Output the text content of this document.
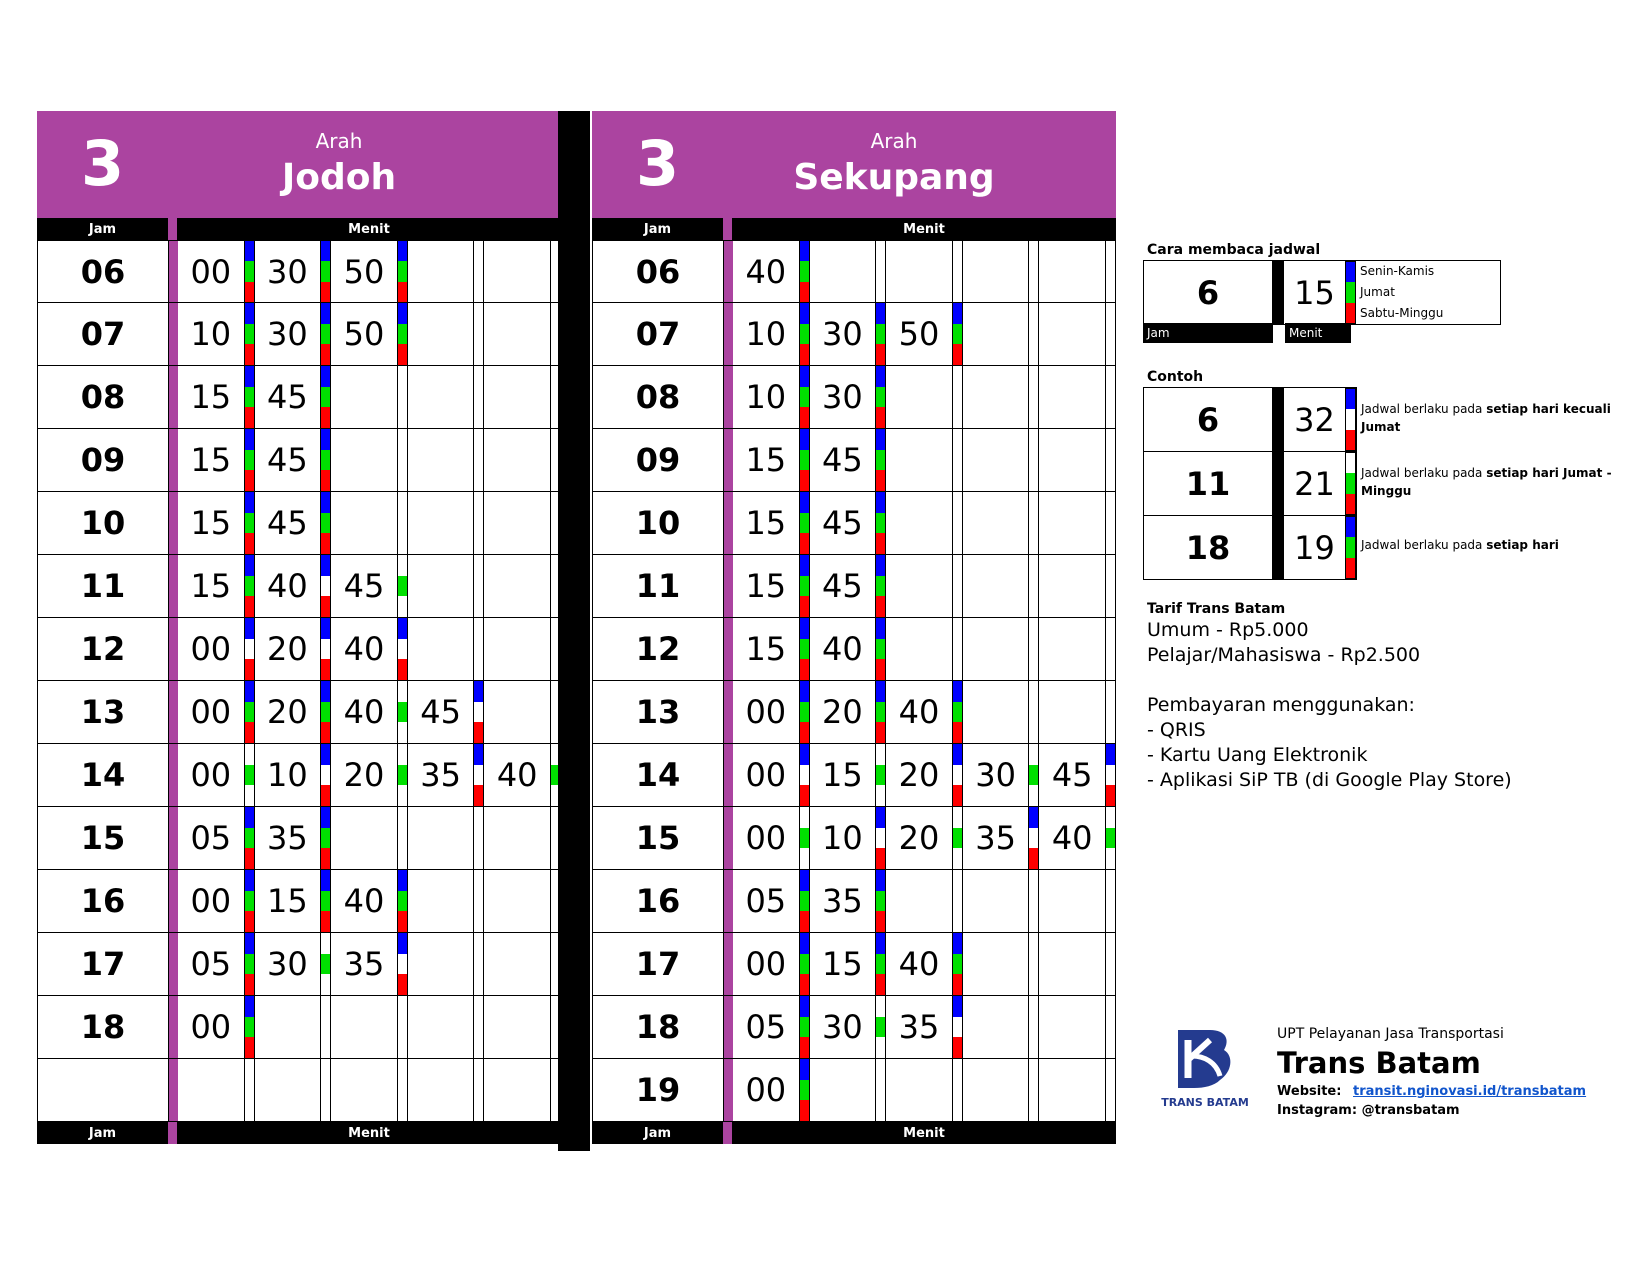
3	Arah
Jodoh
Jam	Menit
06	00	30	50
07	10	30	50
08	15	45
09	15	45
10	15	45
11	15	40	45
12	00	20	40
13	00	20	40	45
14	00	10	20	35	40
15	05	35
16	00	15	40
17	05	30	35
18	00
Jam	Menit
3	Arah
Sekupang
Jam	Menit
06	40
07	10	30	50
08	10	30
09	15	45
10	15	45
11	15	45
12	15	40
13	00	20	40
14	00	15	20	30	45
15	00	10	20	35	40
16	05	35
17	00	15	40
18	05	30	35
19	00
Jam	Menit
Cara membaca jadwal
6	15
Senin-Kamis
Jumat
Sabtu-Minggu
Jam	Menit
Contoh
6	32	Jadwal berlaku pada setiap hari kecuali Jumat
11	21	Jadwal berlaku pada setiap hari Jumat - Minggu
18	19	Jadwal berlaku pada setiap hari
Tarif Trans Batam
Umum - Rp5.000
Pelajar/Mahasiswa - Rp2.500
Pembayaran menggunakan:
- QRIS
- Kartu Uang Elektronik
- Aplikasi SiP TB (di Google Play Store)
TRANS BATAM
UPT Pelayanan Jasa Transportasi
Trans Batam
Website: transit.nginovasi.id/transbatam
Instagram: @transbatam
